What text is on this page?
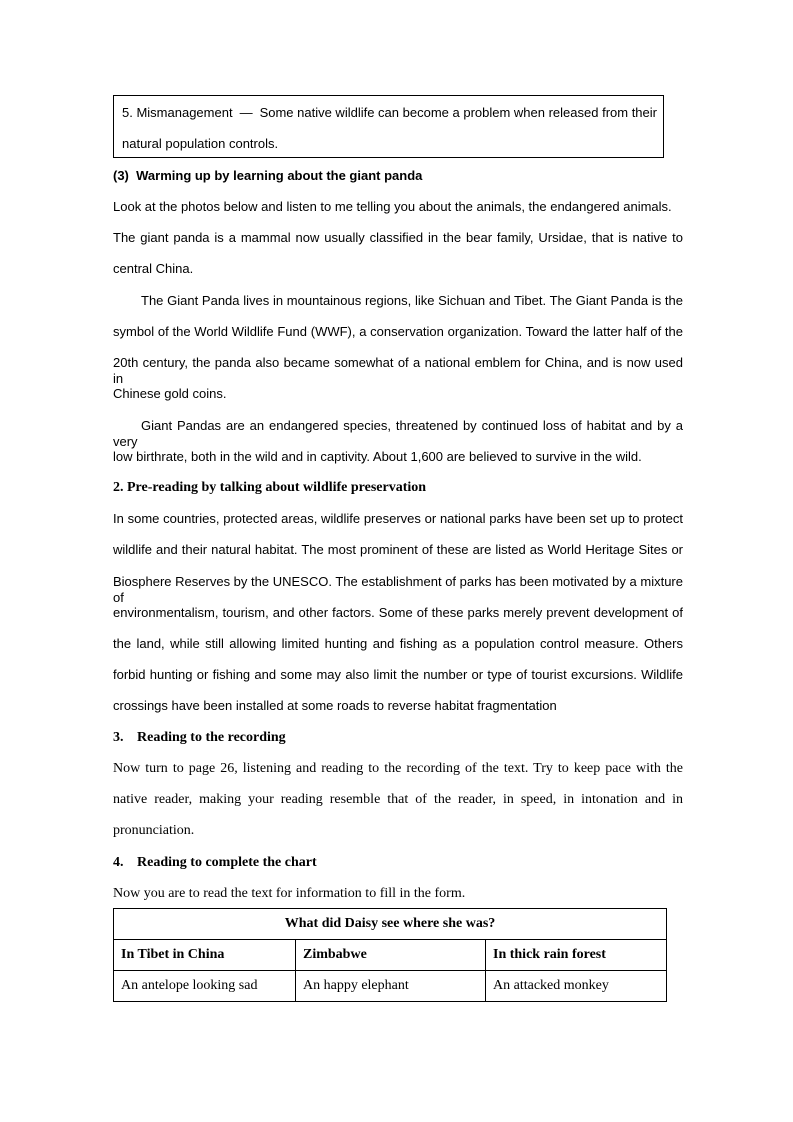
5. Mismanagement — Some native wildlife can become a problem when released from their
natural population controls.
(3) Warming up by learning about the giant panda
Look at the photos below and listen to me telling you about the animals, the endangered animals.
The giant panda is a mammal now usually classified in the bear family, Ursidae, that is native to
central China.
The Giant Panda lives in mountainous regions, like Sichuan and Tibet. The Giant Panda is the
symbol of the World Wildlife Fund (WWF), a conservation organization. Toward the latter half of the
20th century, the panda also became somewhat of a national emblem for China, and is now used in
Chinese gold coins.
Giant Pandas are an endangered species, threatened by continued loss of habitat and by a very
low birthrate, both in the wild and in captivity. About 1,600 are believed to survive in the wild.
2. Pre-reading by talking about wildlife preservation
In some countries, protected areas, wildlife preserves or national parks have been set up to protect
wildlife and their natural habitat. The most prominent of these are listed as World Heritage Sites or
Biosphere Reserves by the UNESCO. The establishment of parks has been motivated by a mixture of
environmentalism, tourism, and other factors. Some of these parks merely prevent development of
the land, while still allowing limited hunting and fishing as a population control measure. Others
forbid hunting or fishing and some may also limit the number or type of tourist excursions. Wildlife
crossings have been installed at some roads to reverse habitat fragmentation
3. Reading to the recording
Now turn to page 26, listening and reading to the recording of the text. Try to keep pace with the
native reader, making your reading resemble that of the reader, in speed, in intonation and in
pronunciation.
4. Reading to complete the chart
Now you are to read the text for information to fill in the form.
What did Daisy see where she was?		
In Tibet in China	Zimbabwe	In thick rain forest
An antelope looking sad	An happy elephant	An attacked monkey
